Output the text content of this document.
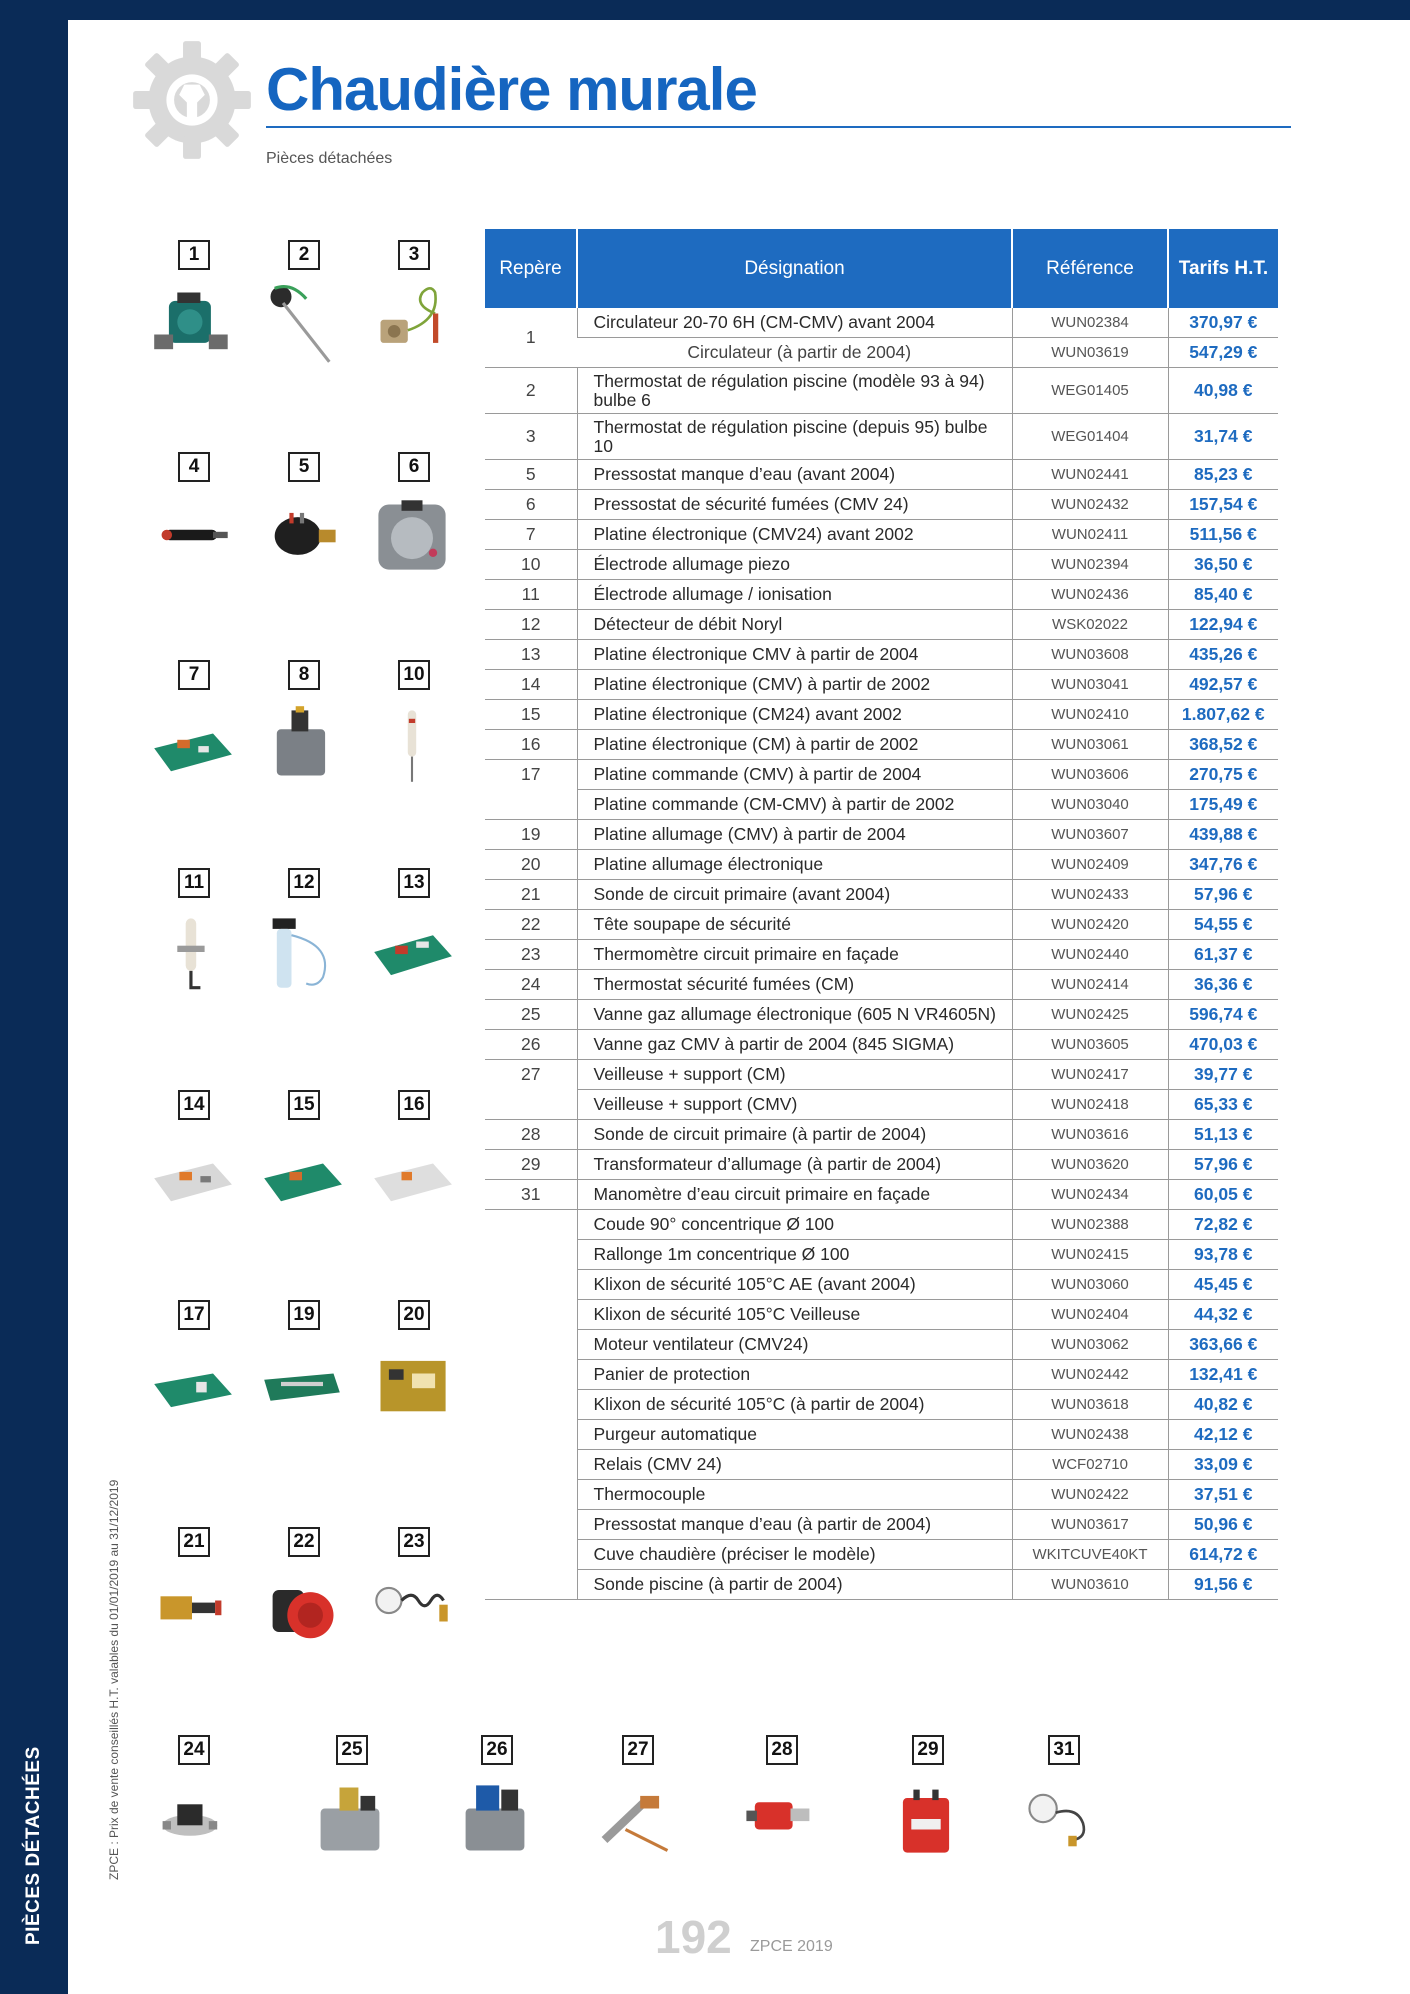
PIÈCES DÉTACHÉES	ZPCE : Prix de vente conseillés H.T. valables du 01/01/2019 au 31/12/2019
Chaudière murale
Pièces détachées
1	2	3
4	5	6
7	8	10
11	12	13
14	15	16
17	19	20
21	22	23
24	25	26	27	28	29	31
Repère	Désignation	Référence	Tarifs H.T.
1	Circulateur 20-70 6H (CM-CMV) avant 2004	WUN02384	370,97 €
	Circulateur (à partir de 2004)	WUN03619	547,29 €
2	Thermostat de régulation piscine (modèle 93 à 94) bulbe 6	WEG01405	40,98 €
3	Thermostat de régulation piscine (depuis 95) bulbe 10	WEG01404	31,74 €
5	Pressostat manque d’eau (avant 2004)	WUN02441	85,23 €
6	Pressostat de sécurité fumées (CMV 24)	WUN02432	157,54 €
7	Platine électronique (CMV24) avant 2002	WUN02411	511,56 €
10	Électrode allumage piezo	WUN02394	36,50 €
11	Électrode allumage / ionisation	WUN02436	85,40 €
12	Détecteur de débit Noryl	WSK02022	122,94 €
13	Platine électronique CMV à partir de 2004	WUN03608	435,26 €
14	Platine électronique (CMV) à partir de 2002	WUN03041	492,57 €
15	Platine électronique (CM24) avant 2002	WUN02410	1.807,62 €
16	Platine électronique (CM) à partir de 2002	WUN03061	368,52 €
17	Platine commande (CMV) à partir de 2004	WUN03606	270,75 €
	Platine commande (CM-CMV) à partir de 2002	WUN03040	175,49 €
19	Platine allumage (CMV) à partir de 2004	WUN03607	439,88 €
20	Platine allumage électronique	WUN02409	347,76 €
21	Sonde de circuit primaire (avant 2004)	WUN02433	57,96 €
22	Tête soupape de sécurité	WUN02420	54,55 €
23	Thermomètre circuit primaire en façade	WUN02440	61,37 €
24	Thermostat sécurité fumées (CM)	WUN02414	36,36 €
25	Vanne gaz allumage électronique (605 N VR4605N)	WUN02425	596,74 €
26	Vanne gaz CMV à partir de 2004 (845 SIGMA)	WUN03605	470,03 €
27	Veilleuse + support (CM)	WUN02417	39,77 €
	Veilleuse + support (CMV)	WUN02418	65,33 €
28	Sonde de circuit primaire (à partir de 2004)	WUN03616	51,13 €
29	Transformateur d’allumage (à partir de 2004)	WUN03620	57,96 €
31	Manomètre d’eau circuit primaire en façade	WUN02434	60,05 €
	Coude 90° concentrique Ø 100	WUN02388	72,82 €
	Rallonge 1m concentrique Ø 100	WUN02415	93,78 €
	Klixon de sécurité 105°C AE (avant 2004)	WUN03060	45,45 €
	Klixon de sécurité 105°C Veilleuse	WUN02404	44,32 €
	Moteur ventilateur (CMV24)	WUN03062	363,66 €
	Panier de protection	WUN02442	132,41 €
	Klixon de sécurité 105°C (à partir de 2004)	WUN03618	40,82 €
	Purgeur automatique	WUN02438	42,12 €
	Relais (CMV 24)	WCF02710	33,09 €
	Thermocouple	WUN02422	37,51 €
	Pressostat manque d’eau (à partir de 2004)	WUN03617	50,96 €
	Cuve chaudière (préciser le modèle)	WKITCUVE40KT	614,72 €
	Sonde piscine (à partir de 2004)	WUN03610	91,56 €
192 ZPCE 2019
